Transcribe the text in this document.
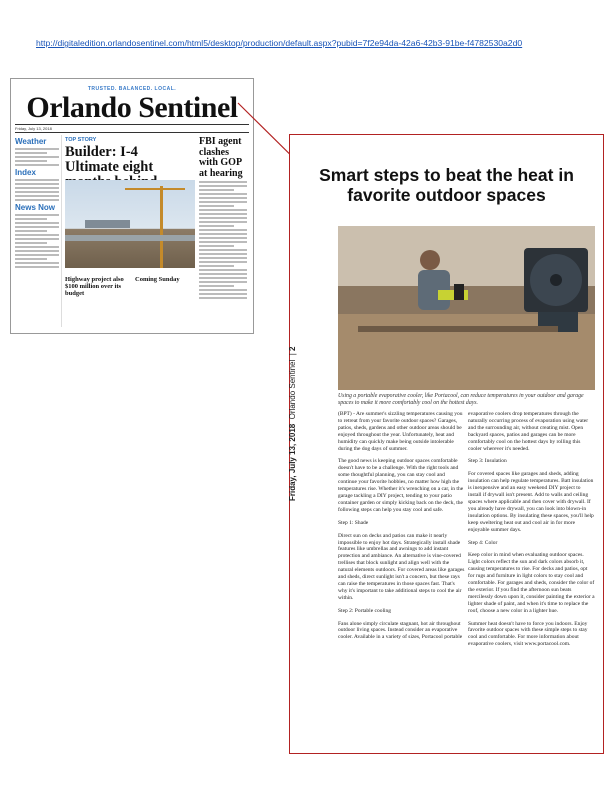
http://digitaledition.orlandosentinel.com/html5/desktop/production/default.aspx?pubid=7f2e94da-42a6-42b3-91be-f4782530a2d0
TRUSTED. BALANCED. LOCAL.
Orlando Sentinel
Friday, July 13, 2018
Weather
Index
News Now
TOP STORY
Builder: I-4 Ultimate eight
FBI agent clashes with GOP at hearing
Highway project also $100 million over its budget
Coming Sunday
Smart steps to beat the heat in favorite outdoor spaces
Friday, July 13, 2018  Orlando Sentinel  | 2
Using a portable evaporative cooler, like Portacool, can reduce temperatures in your outdoor and garage spaces to make it more comfortably cool on the hottest days.

(BPT) - Are summer's sizzling temperatures causing you to retreat from your favorite outdoor spaces? Garages, patios, sheds, gardens and other outdoor areas should be enjoyed throughout the year. Unfortunately, heat and humidity can quickly make being outside intolerable during the dog days of summer.

The good news is keeping outdoor spaces comfortable doesn't have to be a challenge. With the right tools and some thoughtful planning, you can stay cool and continue your favorite hobbies, no matter how high the temperatures rise. Whether it's wrenching on a car, in the garage tackling a DIY project, tending to your patio container garden or simply kicking back on the deck, the following steps can help you stay cool and safe.

Step 1: Shade

Direct sun on decks and patios can make it nearly impossible to enjoy hot days. Strategically install shade features like umbrellas and awnings to add instant protection and ambiance. An alternative is vine-covered trellises that block sunlight and align well with the natural elements outdoors. For covered areas like garages and sheds, direct sunlight isn't a concern, but these rays can raise the temperatures in those spaces fast. That's why it's important to take additional steps to cool the air within.

Step 2: Portable cooling

Fans alone simply circulate stagnant, hot air throughout outdoor living spaces. Instead consider an evaporative cooler. Available in a variety of sizes, Portacool portable

evaporative coolers drop temperatures through the naturally occurring process of evaporation using water and the surrounding air, without creating mist. Open backyard spaces, patios and garages can be more comfortably cool on the hottest days by rolling this cooler wherever it's needed.

Step 3: Insulation

For covered spaces like garages and sheds, adding insulation can help regulate temperatures. Batt insulation is inexpensive and an easy weekend DIY project to install if drywall isn't present. Add to walls and ceiling spaces where applicable and then cover with drywall. If you already have drywall, you can look into blown-in insulation options. By insulating these spaces, you'll help keep sweltering heat out and cool air in for more enjoyable summer days.

Step 4: Color

Keep color in mind when evaluating outdoor spaces. Light colors reflect the sun and dark colors absorb it, causing temperatures to rise. For decks and patios, opt for rugs and furniture in light colors to stay cool and comfortable. For garages and sheds, consider the color of the exterior. If you find the afternoon sun beats mercilessly down upon it, consider painting the exterior a lighter shade of paint, and when it's time to replace the roof, choose a new color in a lighter hue.

Summer heat doesn't have to force you indoors. Enjoy favorite outdoor spaces with these simple steps to stay cool and comfortable. For more information about evaporative coolers, visit www.portacool.com.
